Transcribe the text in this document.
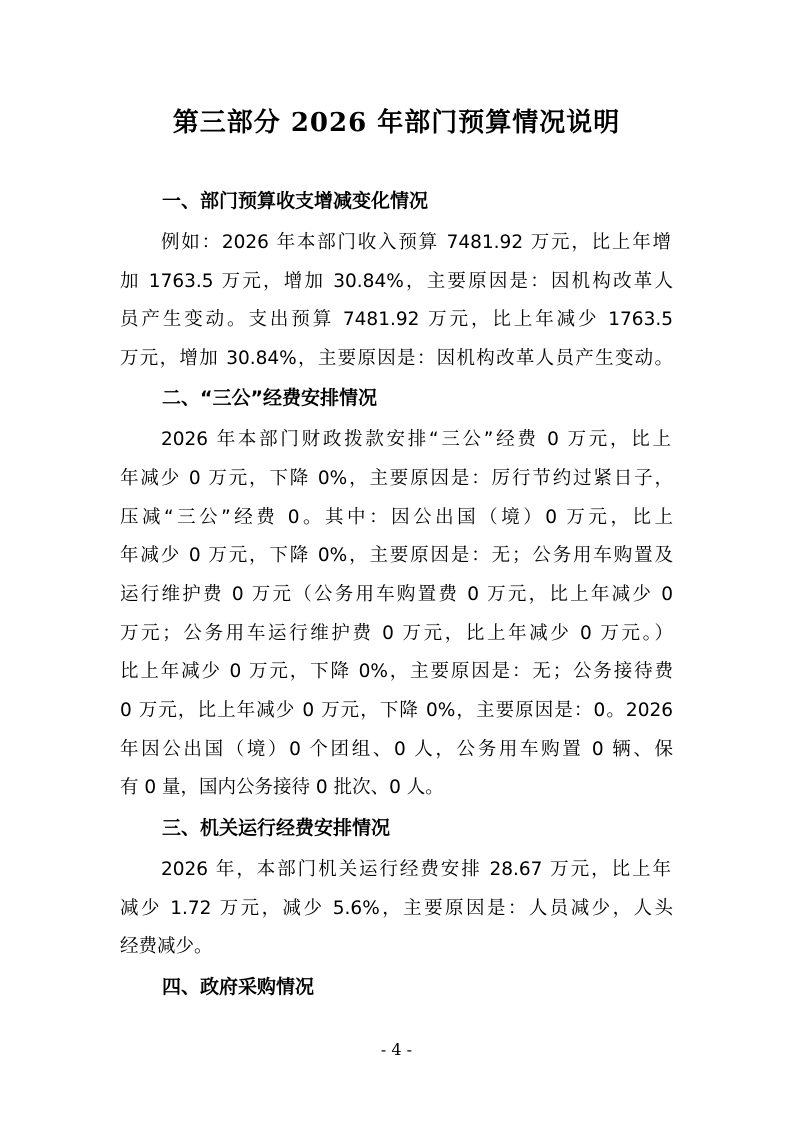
第三部分 2026 年部门预算情况说明
一、部门预算收支增减变化情况
例如：2026 年本部门收入预算 7481.92 万元，比上年增
加 1763.5 万元，增加 30.84%，主要原因是：因机构改革人
员产生变动。支出预算 7481.92 万元，比上年减少 1763.5
万元，增加 30.84%，主要原因是：因机构改革人员产生变动。
二、“三公”经费安排情况
2026 年本部门财政拨款安排“三公”经费 0 万元，比上
年减少 0 万元，下降 0%，主要原因是：厉行节约过紧日子，
压减“三公”经费 0。其中：因公出国（境）0 万元，比上
年减少 0 万元，下降 0%，主要原因是：无；公务用车购置及
运行维护费 0 万元（公务用车购置费 0 万元，比上年减少 0
万元；公务用车运行维护费 0 万元，比上年减少 0 万元。）
比上年减少 0 万元，下降 0%，主要原因是：无；公务接待费
0 万元，比上年减少 0 万元，下降 0%，主要原因是：0。2026
年因公出国（境）0 个团组、0 人，公务用车购置 0 辆、保
有 0 量，国内公务接待 0 批次、0 人。
三、机关运行经费安排情况
2026 年，本部门机关运行经费安排 28.67 万元，比上年
减少 1.72 万元，减少 5.6%，主要原因是：人员减少，人头
经费减少。
四、政府采购情况
- 4 -
